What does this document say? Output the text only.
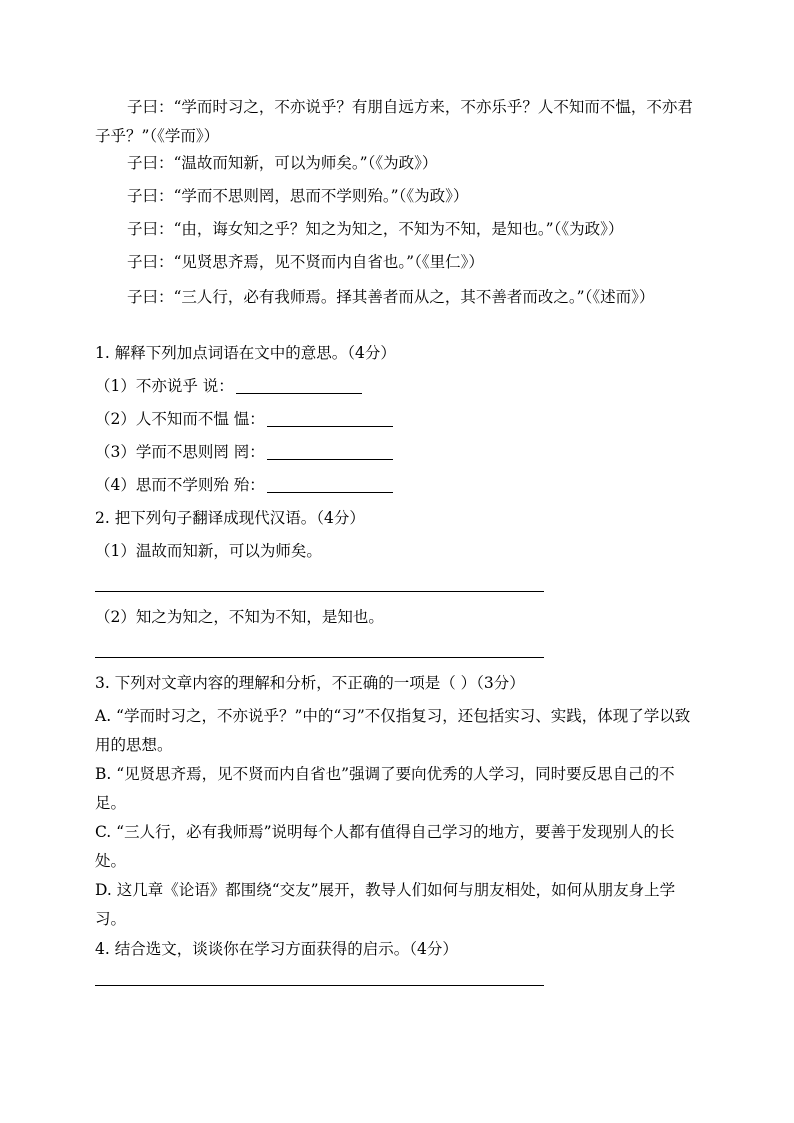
子曰：“学而时习之，不亦说乎？有朋自远方来，不亦乐乎？人不知而不愠，不亦君子乎？”（《学而》）
子曰：“温故而知新，可以为师矣。”（《为政》）
子曰：“学而不思则罔，思而不学则殆。”（《为政》）
子曰：“由，诲女知之乎？知之为知之，不知为不知，是知也。”（《为政》）
子曰：“见贤思齐焉，见不贤而内自省也。”（《里仁》）
子曰：“三人行，必有我师焉。择其善者而从之，其不善者而改之。”（《述而》）
1. 解释下列加点词语在文中的意思。（4分）
（1）不亦说乎 说：
（2）人不知而不愠 愠：
（3）学而不思则罔 罔：
（4）思而不学则殆 殆：
2. 把下列句子翻译成现代汉语。（4分）
（1）温故而知新，可以为师矣。
（2）知之为知之，不知为不知，是知也。
3. 下列对文章内容的理解和分析，不正确的一项是（ ）（3分）
A. “学而时习之，不亦说乎？”中的“习”不仅指复习，还包括实习、实践，体现了学以致用的思想。
B. “见贤思齐焉，见不贤而内自省也”强调了要向优秀的人学习，同时要反思自己的不足。
C. “三人行，必有我师焉”说明每个人都有值得自己学习的地方，要善于发现别人的长处。
D. 这几章《论语》都围绕“交友”展开，教导人们如何与朋友相处，如何从朋友身上学习。
4. 结合选文，谈谈你在学习方面获得的启示。（4分）
